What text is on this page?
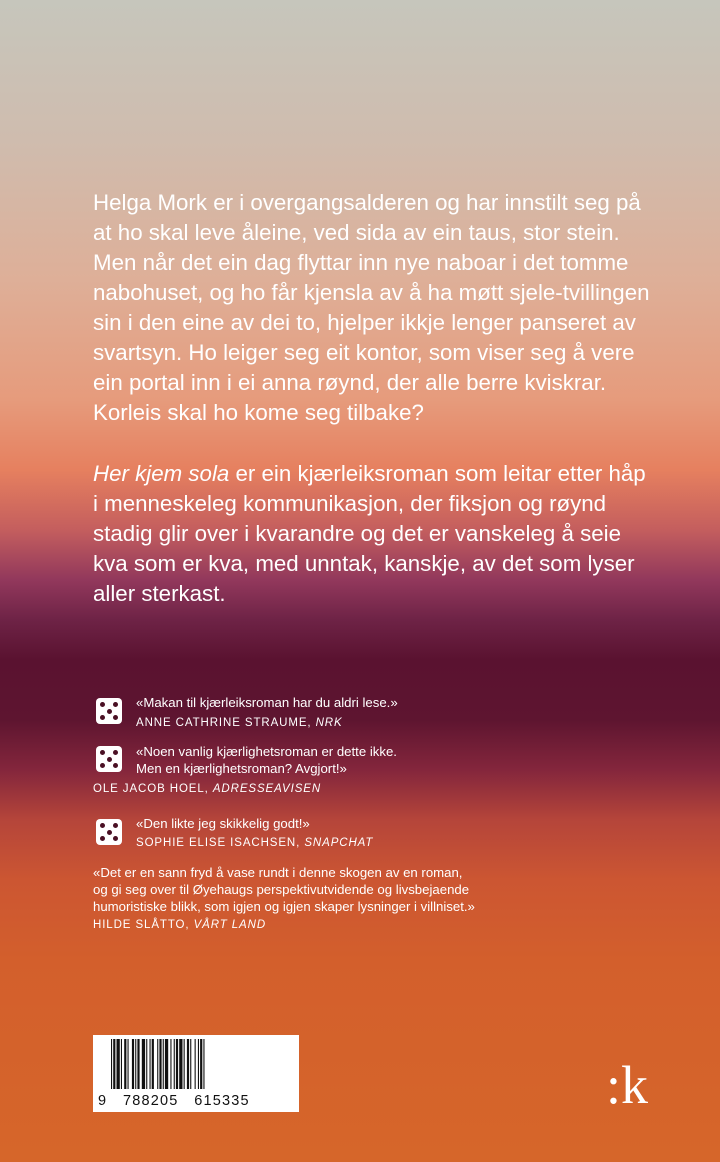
Helga Mork er i overgangsalderen og har innstilt seg på at ho skal leve åleine, ved sida av ein taus, stor stein. Men når det ein dag flyttar inn nye naboar i det tomme nabohuset, og ho får kjensla av å ha møtt sjele-tvillingen sin i den eine av dei to, hjelper ikkje lenger panseret av svartsyn. Ho leiger seg eit kontor, som viser seg å vere ein portal inn i ei anna røynd, der alle berre kviskrar. Korleis skal ho kome seg tilbake?

Her kjem sola er ein kjærleiksroman som leitar etter håp i menneskeleg kommunikasjon, der fiksjon og røynd stadig glir over i kvarandre og det er vanskeleg å seie kva som er kva, med unntak, kanskje, av det som lyser aller sterkast.

«Makan til kjærleiksroman har du aldri lese.»
ANNE CATHRINE STRAUME, NRK
«Noen vanlig kjærlighetsroman er dette ikke.
Men en kjærlighetsroman? Avgjort!»
OLE JACOB HOEL, ADRESSEAVISEN
«Den likte jeg skikkelig godt!»
SOPHIE ELISE ISACHSEN, SNAPCHAT
«Det er en sann fryd å vase rundt i denne skogen av en roman,
og gi seg over til Øyehaugs perspektivutvidende og livsbejaende
humoristiske blikk, som igjen og igjen skaper lysninger i villniset.»
HILDE SLÅTTO, VÅRT LAND
9   788205   615335	:k
